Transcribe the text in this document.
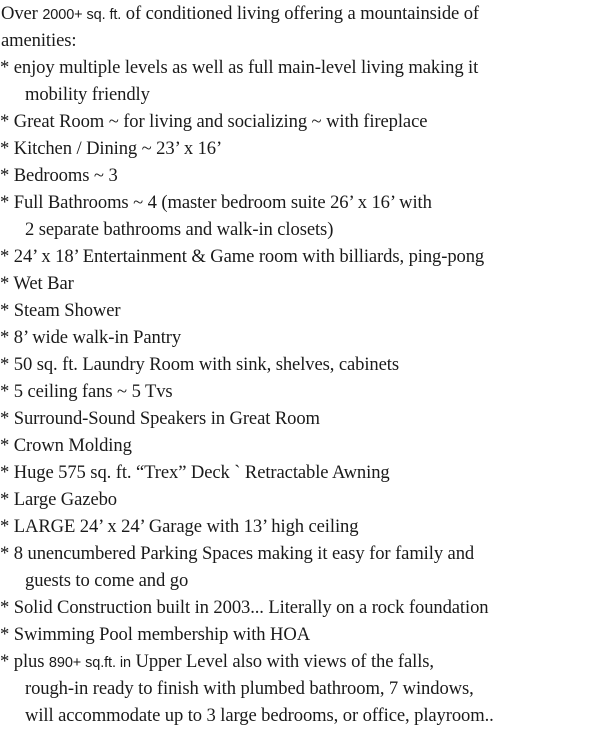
Over 2000+ sq. ft. of conditioned living offering a mountainside of
amenities:
* enjoy multiple levels as well as full main-level living making it
mobility friendly
* Great Room ~ for living and socializing ~ with fireplace
* Kitchen / Dining ~ 23’ x 16’
* Bedrooms ~ 3
* Full Bathrooms ~ 4 (master bedroom suite 26’ x 16’ with
2 separate bathrooms and walk-in closets)
* 24’ x 18’ Entertainment & Game room with billiards, ping-pong
* Wet Bar
* Steam Shower
* 8’ wide walk-in Pantry
* 50 sq. ft. Laundry Room with sink, shelves, cabinets
* 5 ceiling fans ~ 5 Tvs
* Surround-Sound Speakers in Great Room
* Crown Molding
* Huge 575 sq. ft. “Trex” Deck ` Retractable Awning
* Large Gazebo
* LARGE 24’ x 24’ Garage with 13’ high ceiling
* 8 unencumbered Parking Spaces making it easy for family and
guests to come and go
* Solid Construction built in 2003... Literally on a rock foundation
* Swimming Pool membership with HOA
* plus 890+ sq.ft. in Upper Level also with views of the falls,
rough-in ready to finish with plumbed bathroom, 7 windows,
will accommodate up to 3 large bedrooms, or office, playroom..
